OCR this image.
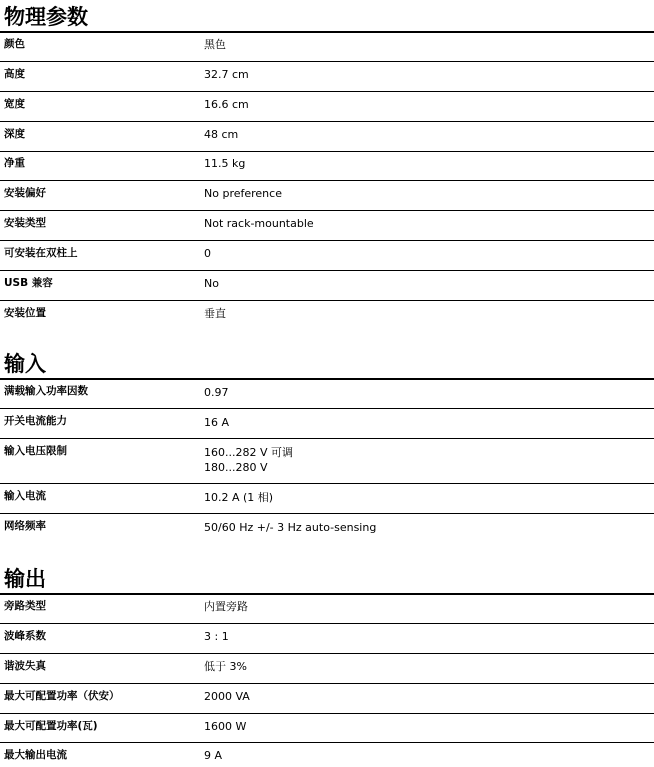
物理参数
颜色	黑色
高度	32.7 cm
宽度	16.6 cm
深度	48 cm
净重	11.5 kg
安装偏好	No preference
安装类型	Not rack-mountable
可安装在双柱上	0
USB 兼容	No
安装位置	垂直
输入
满载输入功率因数	0.97
开关电流能力	16 A
输入电压限制	160...282 V 可调
180...280 V
输入电流	10.2 A (1 相)
网络频率	50/60 Hz +/- 3 Hz auto-sensing
输出
旁路类型	内置旁路
波峰系数	3 : 1
谐波失真	低于 3%
最大可配置功率（伏安）	2000 VA
最大可配置功率(瓦)	1600 W
最大输出电流	9 A
